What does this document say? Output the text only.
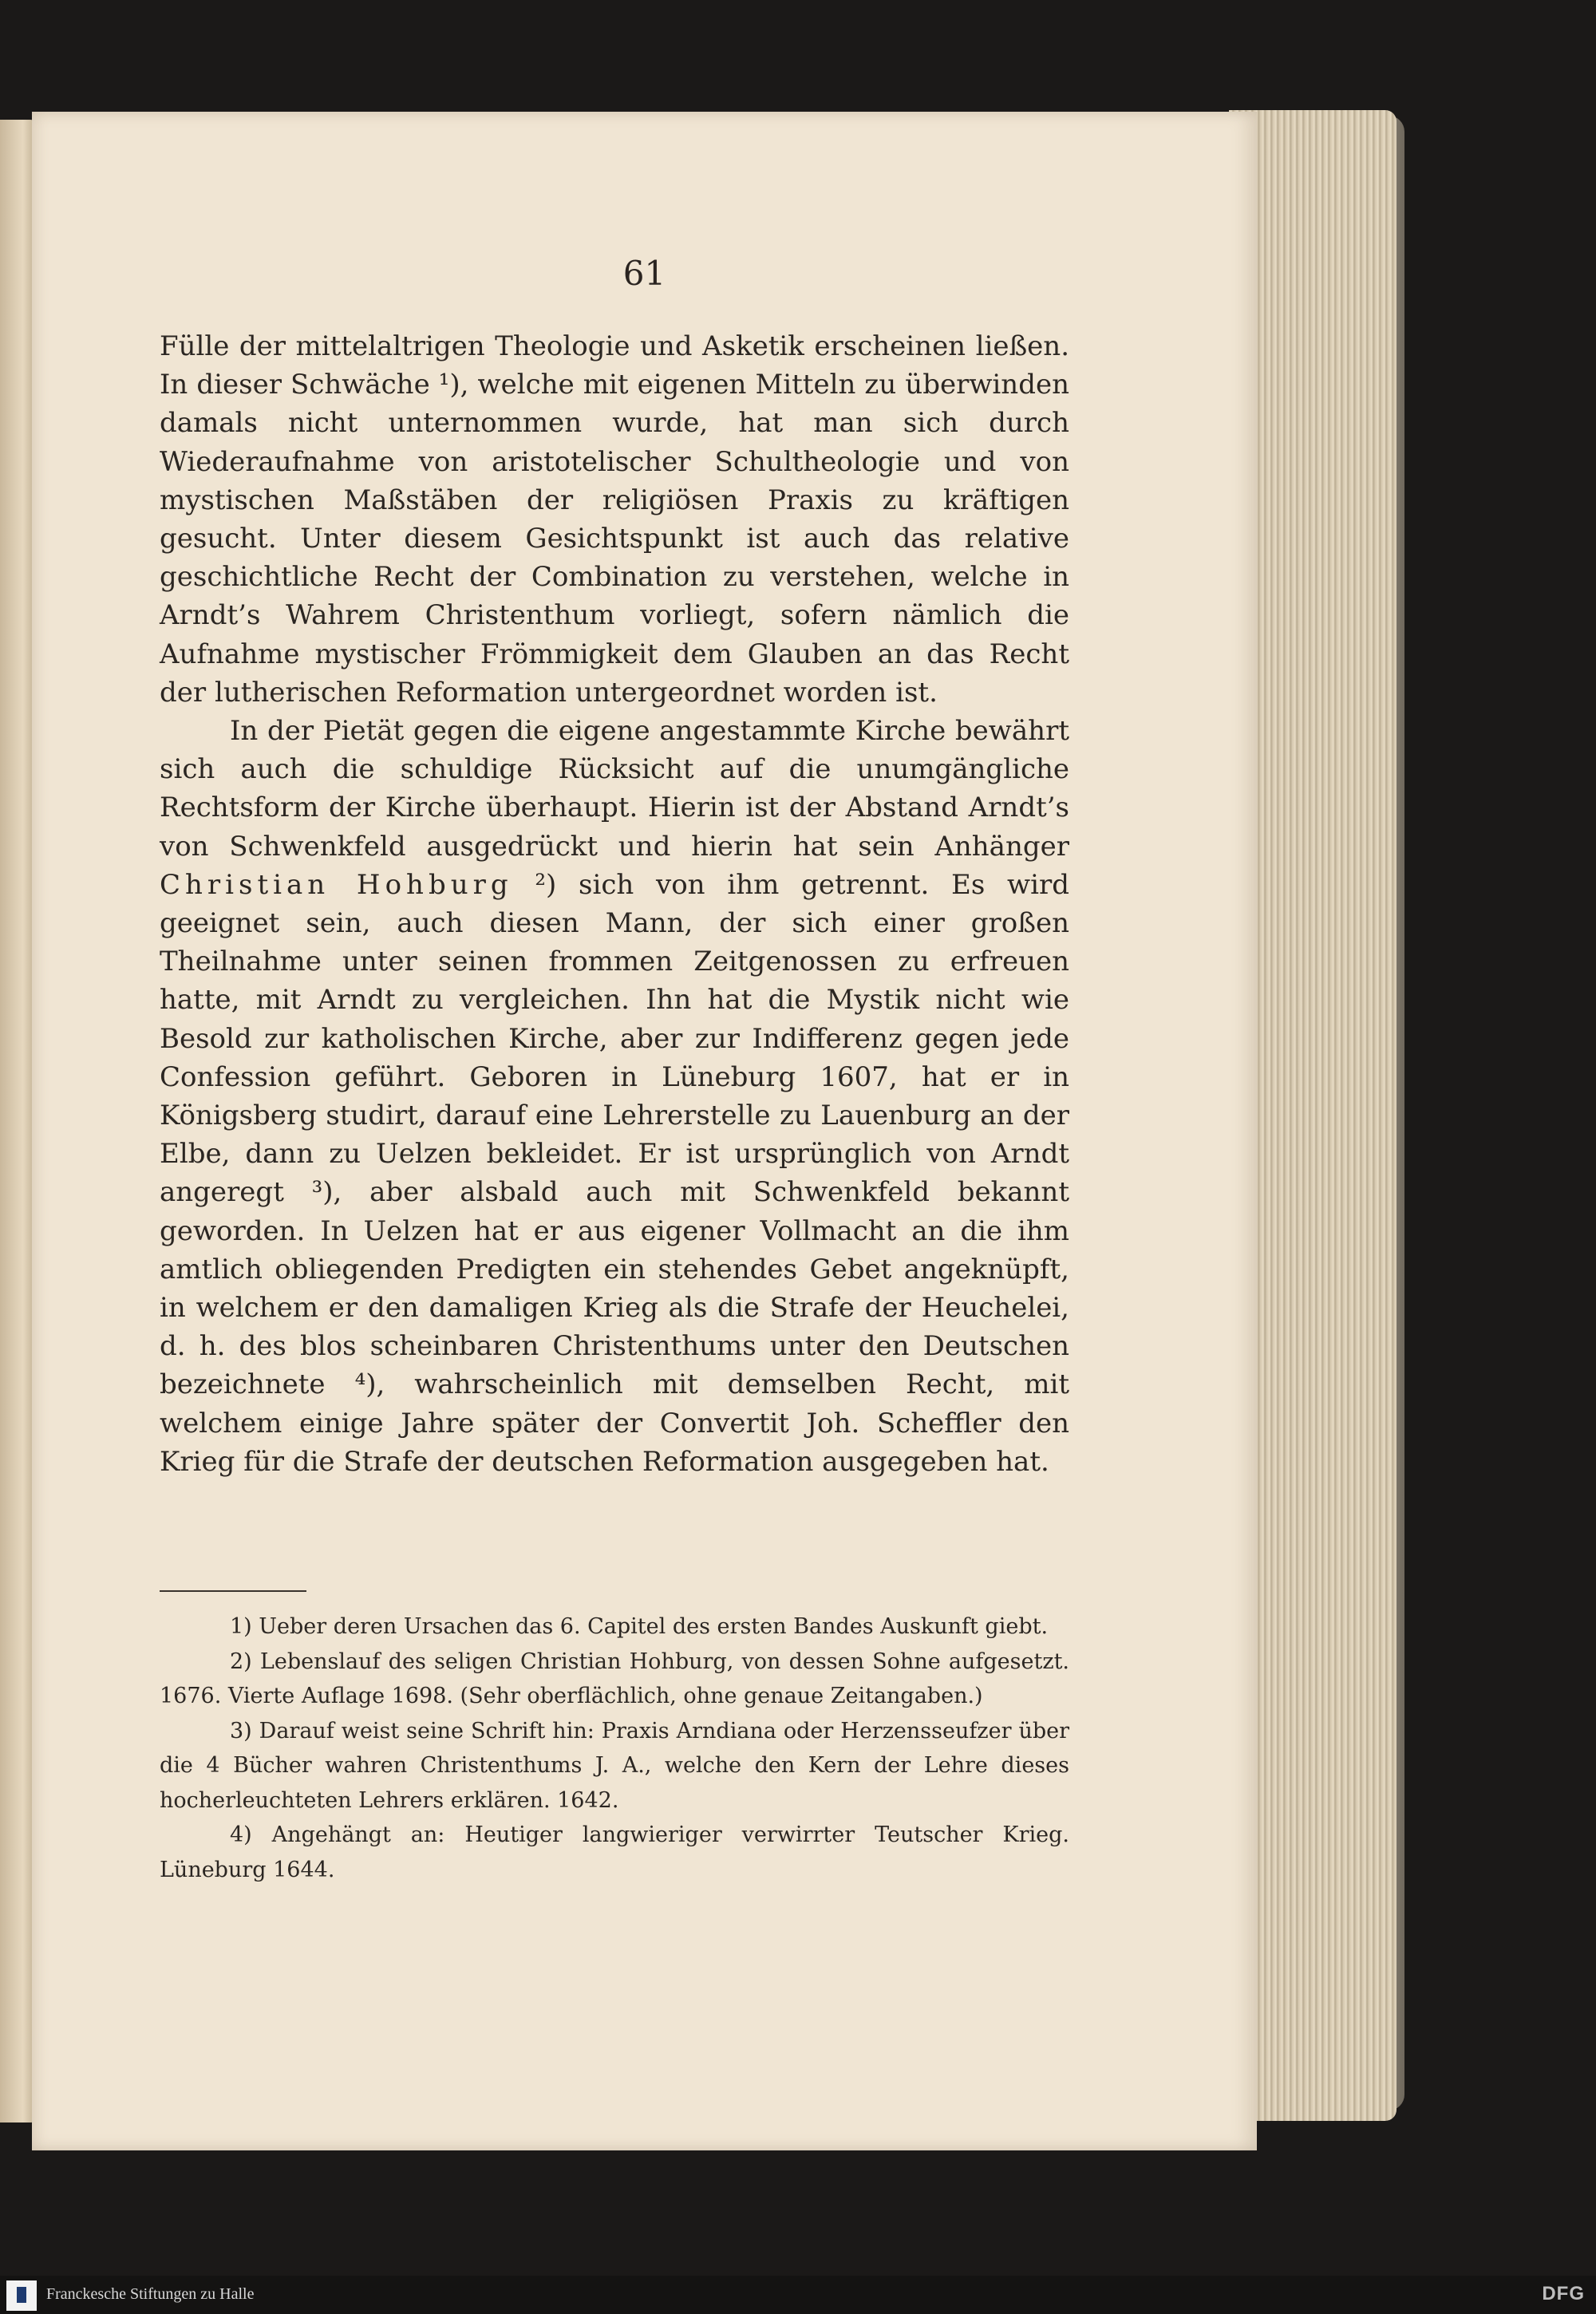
61

Fülle der mittelaltrigen Theologie und Asketik erscheinen ließen. In dieser Schwäche ¹), welche mit eigenen Mitteln zu überwinden damals nicht unternommen wurde, hat man sich durch Wiederaufnahme von aristotelischer Schultheologie und von mystischen Maßstäben der religiösen Praxis zu kräftigen gesucht. Unter diesem Gesichtspunkt ist auch das relative geschichtliche Recht der Combination zu verstehen, welche in Arndt’s Wahrem Christenthum vorliegt, sofern nämlich die Aufnahme mystischer Frömmigkeit dem Glauben an das Recht der lutherischen Reformation untergeordnet worden ist.

In der Pietät gegen die eigene angestammte Kirche bewährt sich auch die schuldige Rücksicht auf die unumgängliche Rechtsform der Kirche überhaupt. Hierin ist der Abstand Arndt’s von Schwenkfeld ausgedrückt und hierin hat sein Anhänger Christian Hohburg ²) sich von ihm getrennt. Es wird geeignet sein, auch diesen Mann, der sich einer großen Theilnahme unter seinen frommen Zeitgenossen zu erfreuen hatte, mit Arndt zu vergleichen. Ihn hat die Mystik nicht wie Besold zur katholischen Kirche, aber zur Indifferenz gegen jede Confession geführt. Geboren in Lüneburg 1607, hat er in Königsberg studirt, darauf eine Lehrerstelle zu Lauenburg an der Elbe, dann zu Uelzen bekleidet. Er ist ursprünglich von Arndt angeregt ³), aber alsbald auch mit Schwenkfeld bekannt geworden. In Uelzen hat er aus eigener Vollmacht an die ihm amtlich obliegenden Predigten ein stehendes Gebet angeknüpft, in welchem er den damaligen Krieg als die Strafe der Heuchelei, d. h. des blos scheinbaren Christenthums unter den Deutschen bezeichnete ⁴), wahrscheinlich mit demselben Recht, mit welchem einige Jahre später der Convertit Joh. Scheffler den Krieg für die Strafe der deutschen Reformation ausgegeben hat.

1) Ueber deren Ursachen das 6. Capitel des ersten Bandes Auskunft giebt.

2) Lebenslauf des seligen Christian Hohburg, von dessen Sohne aufgesetzt. 1676. Vierte Auflage 1698. (Sehr oberflächlich, ohne genaue Zeitangaben.)

3) Darauf weist seine Schrift hin: Praxis Arndiana oder Herzensseufzer über die 4 Bücher wahren Christenthums J. A., welche den Kern der Lehre dieses hocherleuchteten Lehrers erklären. 1642.

4) Angehängt an: Heutiger langwieriger verwirrter Teutscher Krieg. Lüneburg 1644.

Franckesche Stiftungen zu Halle	DFG
